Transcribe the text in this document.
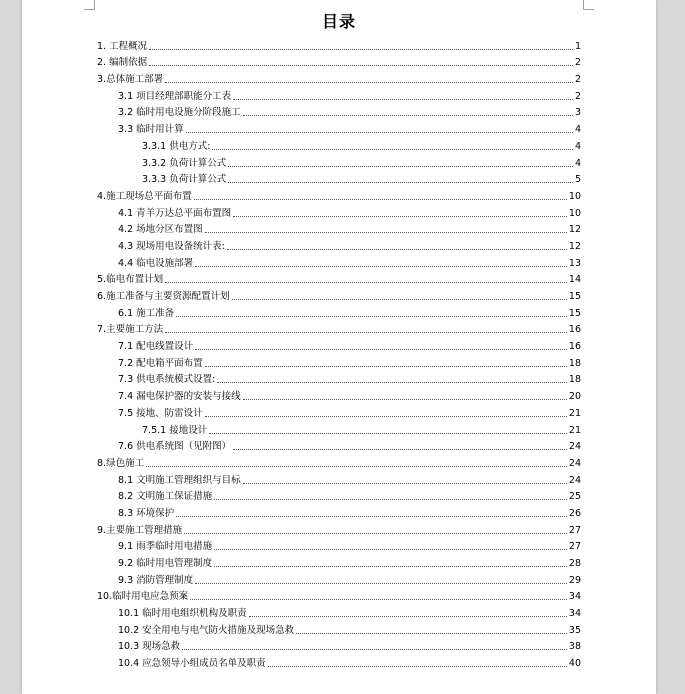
目录
1. 工程概况	1
2. 编制依据	2
3.总体施工部署	2
3.1 项目经理部职能分工表	2
3.2 临时用电设施分阶段施工	3
3.3 临时用计算	4
3.3.1 供电方式:	4
3.3.2 负荷计算公式	4
3.3.3 负荷计算公式	5
4.施工现场总平面布置	10
4.1 青羊万达总平面布置图	10
4.2 场地分区布置图	12
4.3 现场用电设备统计表:	12
4.4 临电设施部署	13
5.临电布置计划	14
6.施工准备与主要资源配置计划	15
6.1 施工准备	15
7.主要施工方法	16
7.1 配电线置设计	16
7.2 配电箱平面布置	18
7.3 供电系统模式设置:	18
7.4 漏电保护器的安装与接线	20
7.5 接地、防雷设计	21
7.5.1 接地设计	21
7.6 供电系统图（见附图）	24
8.绿色施工	24
8.1 文明施工管理组织与目标	24
8.2 文明施工保证措施	25
8.3 环境保护	26
9.主要施工管理措施	27
9.1 雨季临时用电措施	27
9.2 临时用电管理制度	28
9.3 消防管理制度	29
10.临时用电应急预案	34
10.1 临时用电组织机构及职责	34
10.2 安全用电与电气防火措施及现场急救	35
10.3 现场急救	38
10.4 应急领导小组成员名单及职责	40
